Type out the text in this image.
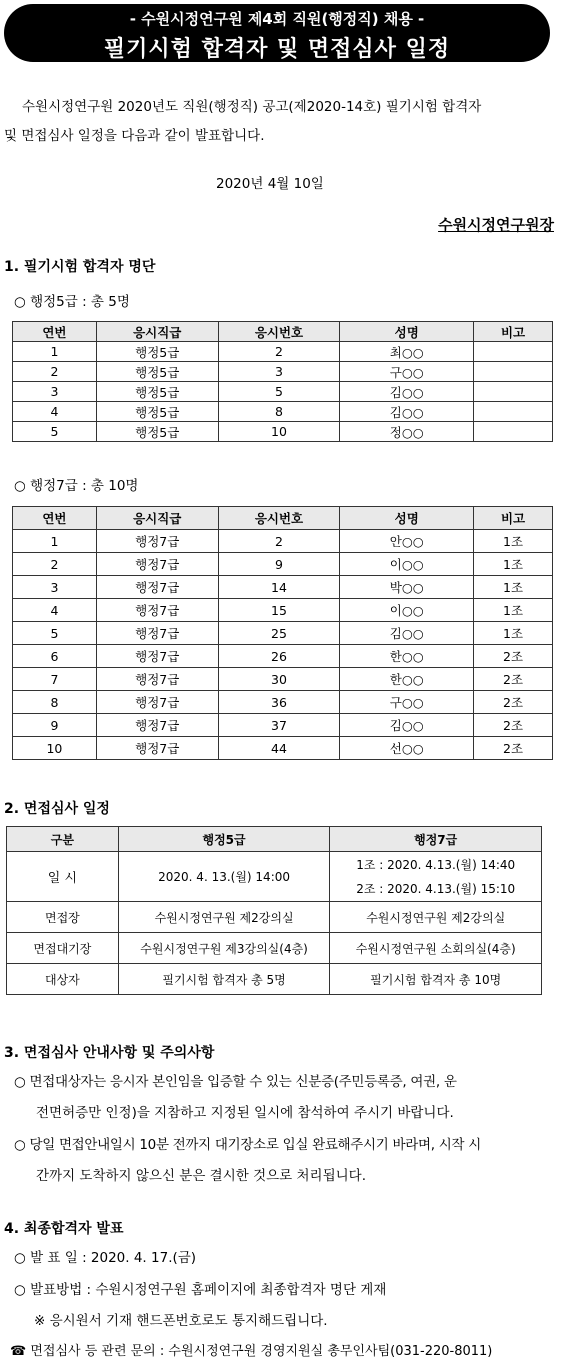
- 수원시정연구원 제4회 직원(행정직) 채용 -
필기시험 합격자 및 면접심사 일정
수원시정연구원 2020년도 직원(행정직) 공고(제2020-14호) 필기시험 합격자
및 면접심사 일정을 다음과 같이 발표합니다.
2020년 4월 10일
수원시정연구원장
1. 필기시험 합격자 명단
○ 행정5급 : 총 5명
연번	응시직급	응시번호	성명	비고
1	행정5급	2	최○○	
2	행정5급	3	구○○	
3	행정5급	5	김○○	
4	행정5급	8	김○○	
5	행정5급	10	정○○	
○ 행정7급 : 총 10명
연번	응시직급	응시번호	성명	비고
1	행정7급	2	안○○	1조
2	행정7급	9	이○○	1조
3	행정7급	14	박○○	1조
4	행정7급	15	이○○	1조
5	행정7급	25	김○○	1조
6	행정7급	26	한○○	2조
7	행정7급	30	한○○	2조
8	행정7급	36	구○○	2조
9	행정7급	37	김○○	2조
10	행정7급	44	선○○	2조
2. 면접심사 일정
구분	행정5급	행정7급
일 시	2020. 4. 13.(월) 14:00	1조 : 2020. 4.13.(월) 14:40
2조 : 2020. 4.13.(월) 15:10

면접장	수원시정연구원 제2강의실	수원시정연구원 제2강의실
면접대기장	수원시정연구원 제3강의실(4층)	수원시정연구원 소회의실(4층)
대상자	필기시험 합격자 총 5명	필기시험 합격자 총 10명
3. 면접심사 안내사항 및 주의사항
○ 면접대상자는 응시자 본인임을 입증할 수 있는 신분증(주민등록증, 여권, 운
전면허증만 인정)을 지참하고 지정된 일시에 참석하여 주시기 바랍니다.
○ 당일 면접안내일시 10분 전까지 대기장소로 입실 완료해주시기 바라며, 시작 시
간까지 도착하지 않으신 분은 결시한 것으로 처리됩니다.
4. 최종합격자 발표
○ 발 표 일 : 2020. 4. 17.(금)
○ 발표방법 : 수원시정연구원 홈페이지에 최종합격자 명단 게재
※ 응시원서 기재 핸드폰번호로도 통지해드립니다.
☎ 면접심사 등 관련 문의 : 수원시정연구원 경영지원실 총무인사팀(031-220-8011)
